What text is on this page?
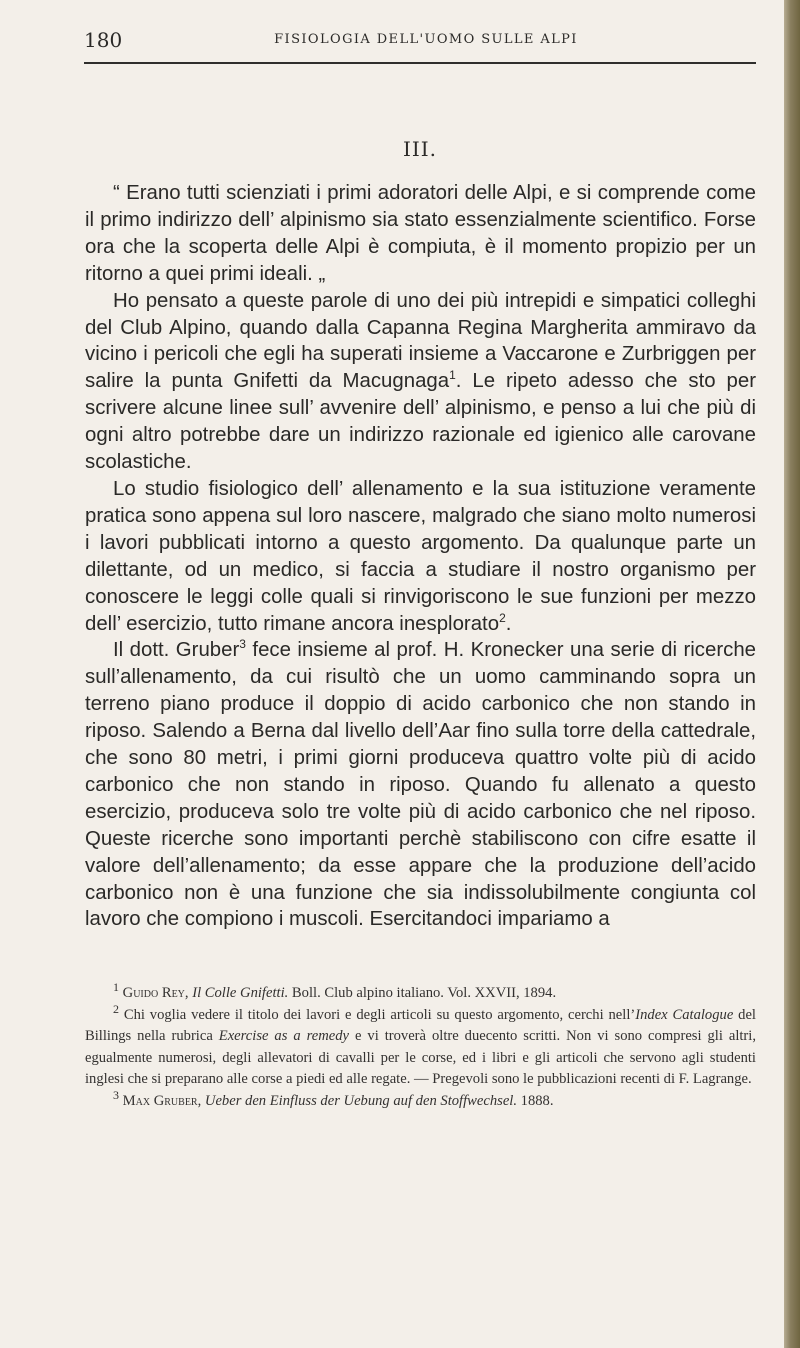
180	FISIOLOGIA DELL'UOMO SULLE ALPI
III.

“ Erano tutti scienziati i primi adoratori delle Alpi, e si comprende come il primo indirizzo dell’ alpinismo sia stato essenzialmente scientifico. Forse ora che la scoperta delle Alpi è compiuta, è il momento propizio per un ritorno a quei primi ideali. „

Ho pensato a queste parole di uno dei più intrepidi e simpatici colleghi del Club Alpino, quando dalla Capanna Regina Margherita ammiravo da vicino i pericoli che egli ha superati insieme a Vaccarone e Zurbriggen per salire la punta Gnifetti da Macugnaga$^1$. Le ripeto adesso che sto per scrivere alcune linee sull’ avvenire dell’ alpinismo, e penso a lui che più di ogni altro potrebbe dare un indirizzo razionale ed igienico alle carovane scolastiche.

Lo studio fisiologico dell’ allenamento e la sua istituzione veramente pratica sono appena sul loro nascere, malgrado che siano molto numerosi i lavori pubblicati intorno a questo argomento. Da qualunque parte un dilettante, od un medico, si faccia a studiare il nostro organismo per conoscere le leggi colle quali si rinvigoriscono le sue funzioni per mezzo dell’ esercizio, tutto rimane ancora inesplorato$^2$.

Il dott. Gruber$^3$ fece insieme al prof. H. Kronecker una serie di ricerche sull’allenamento, da cui risultò che un uomo camminando sopra un terreno piano produce il doppio di acido carbonico che non stando in riposo. Salendo a Berna dal livello dell’Aar fino sulla torre della cattedrale, che sono 80 metri, i primi giorni produceva quattro volte più di acido carbonico che non stando in riposo. Quando fu allenato a questo esercizio, produceva solo tre volte più di acido carbonico che nel riposo. Queste ricerche sono importanti perchè stabiliscono con cifre esatte il valore dell’allenamento; da esse appare che la produzione dell’acido carbonico non è una funzione che sia indissolubilmente congiunta col lavoro che compiono i muscoli. Esercitandoci impariamo a

$^1$ Guido Rey, Il Colle Gnifetti. Boll. Club alpino italiano. Vol. XXVII, 1894.

$^2$ Chi voglia vedere il titolo dei lavori e degli articoli su questo argomento, cerchi nell’Index Catalogue del Billings nella rubrica Exercise as a remedy e vi troverà oltre duecento scritti. Non vi sono compresi gli altri, egualmente numerosi, degli allevatori di cavalli per le corse, ed i libri e gli articoli che servono agli studenti inglesi che si preparano alle corse a piedi ed alle regate. — Pregevoli sono le pubblicazioni recenti di F. Lagrange.

$^3$ Max Gruber, Ueber den Einfluss der Uebung auf den Stoffwechsel. 1888.
